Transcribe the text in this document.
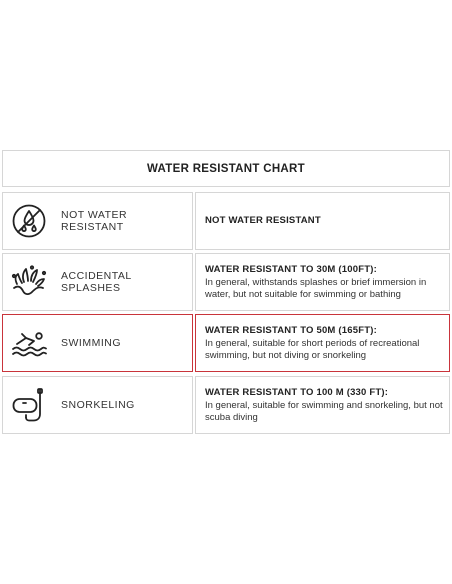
WATER RESISTANT CHART
NOT WATER RESISTANT
NOT WATER RESISTANT
ACCIDENTAL SPLASHES
WATER RESISTANT TO 30M (100FT):
In general, withstands splashes or brief immersion in water, but not suitable for swimming or bathing
SWIMMING
WATER RESISTANT TO 50M (165FT):
In general, suitable for short periods of recreational swimming, but not diving or snorkeling
SNORKELING
WATER RESISTANT TO 100 M (330 FT):
In general, suitable for swimming and snorkeling, but not scuba diving
